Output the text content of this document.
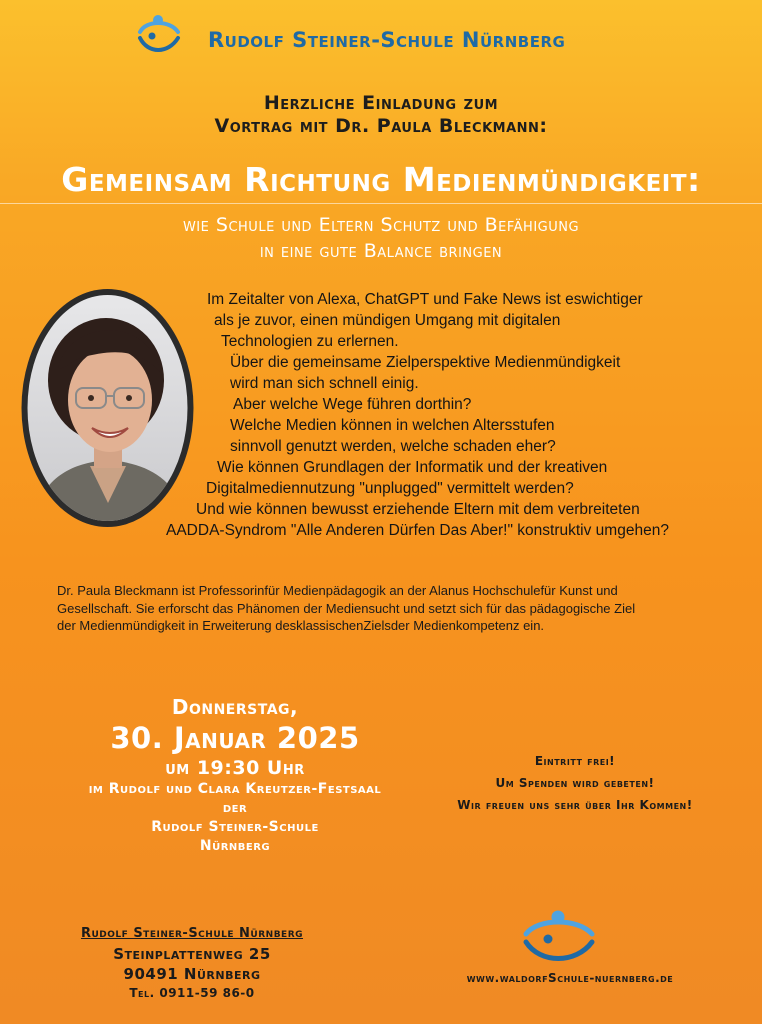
Rudolf Steiner-Schule Nürnberg
Herzliche Einladung zum
Vortrag mit Dr. Paula Bleckmann:
Gemeinsam Richtung Medienmündigkeit:
wie Schule und Eltern Schutz und Befähigung
in eine gute Balance bringen
Im Zeitalter von Alexa, ChatGPT und Fake News ist eswichtiger
als je zuvor, einen mündigen Umgang mit digitalen
Technologien zu erlernen.
Über die gemeinsame Zielperspektive Medienmündigkeit
wird man sich schnell einig.
Aber welche Wege führen dorthin?
Welche Medien können in welchen Altersstufen
sinnvoll genutzt werden, welche schaden eher?
Wie können Grundlagen der Informatik und der kreativen
Digitalmediennutzung "unplugged" vermittelt werden?
Und wie können bewusst erziehende Eltern mit dem verbreiteten
AADDA-Syndrom "Alle Anderen Dürfen Das Aber!" konstruktiv umgehen?
Dr. Paula Bleckmann ist Professorinfür Medienpädagogik an der Alanus Hochschulefür Kunst und
Gesellschaft. Sie erforscht das Phänomen der Mediensucht und setzt sich für das pädagogische Ziel
der Medienmündigkeit in Erweiterung desklassischenZielsder Medienkompetenz ein.
Donnerstag,
30. Januar 2025
um 19:30 Uhr
im Rudolf und Clara Kreutzer-Festsaal
der
Rudolf Steiner-Schule
Nürnberg
Eintritt frei!
Um Spenden wird gebeten!
Wir freuen uns sehr über Ihr Kommen!
Rudolf Steiner-Schule Nürnberg
Steinplattenweg 25
90491 Nürnberg
Tel. 0911-59 86-0
www.waldorfSchule-nuernberg.de
